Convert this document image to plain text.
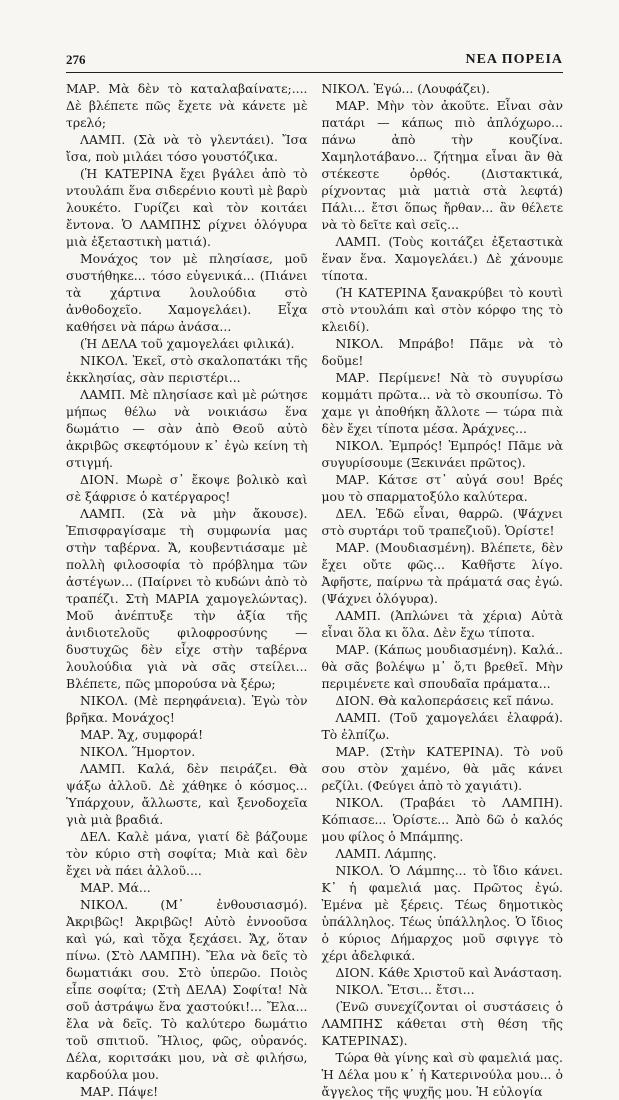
276	ΝΕΑ ΠΟΡΕΙΑ

ΜΑΡ. Μὰ δὲν τὸ καταλαβαίνατε;.... Δὲ βλέπετε πῶς ἔχετε νὰ κάνετε μὲ τρελό;

ΛΑΜΠ. (Σὰ νὰ τὸ γλεντάει). Ἴσα ἴσα, ποὺ μιλάει τόσο γουστόζικα.

(Ἡ ΚΑΤΕΡΙΝΑ ἔχει βγάλει ἀπὸ τὸ ντουλάπι ἕνα σιδερένιο κουτὶ μὲ βαρὺ λουκέτο. Γυρίζει καὶ τὸν κοιτάει ἔντονα. Ὁ ΛΑΜΠΗΣ ρίχνει ὁλόγυρα μιὰ ἐξεταστικὴ ματιά).

Μονάχος τον μὲ πλησίασε, μοῦ συστήθηκε... τόσο εὐγενικά... (Πιάνει τὰ χάρτινα λουλούδια στὸ ἀνθοδοχεῖο. Χαμογελάει). Εἶχα καθήσει νὰ πάρω ἀνάσα...

(Ἡ ΔΕΛΑ τοῦ χαμογελάει φιλικά).

ΝΙΚΟΛ. Ἐκεῖ, στὸ σκαλοπατάκι τῆς ἐκκλησίας, σὰν περιστέρι...

ΛΑΜΠ. Μὲ πλησίασε καὶ μὲ ρώτησε μήπως θέλω νὰ νοικιάσω ἕνα δωμάτιο — σὰν ἀπὸ Θεοῦ αὐτὸ ἀκριβῶς σκεφτόμουν κ᾽ ἐγὼ κείνη τὴ στιγμή.

ΔΙΟΝ. Μωρὲ σ᾽ ἔκοψε βολικὸ καὶ σὲ ξάφρισε ὁ κατέργαρος!

ΛΑΜΠ. (Σὰ νὰ μὴν ἄκουσε). Ἐπισφραγίσαμε τὴ συμφωνία μας στὴν ταβέρνα. Ἄ, κουβεντιάσαμε μὲ πολλὴ φιλοσοφία τὸ πρόβλημα τῶν ἀστέγων... (Παίρνει τὸ κυδώνι ἀπὸ τὸ τραπέζι. Στὴ ΜΑΡΙΑ χαμογελώντας). Μοῦ ἀνέπτυξε τὴν ἀξία τῆς ἀνιδιοτελοῦς φιλοφροσύνης — δυστυχῶς δὲν εἶχε στὴν ταβέρνα λουλούδια γιὰ νὰ σᾶς στείλει... Βλέπετε, πῶς μπορούσα νὰ ξέρω;

ΝΙΚΟΛ. (Μὲ περηφάνεια). Ἐγὼ τὸν βρῆκα. Μονάχος!

ΜΑΡ. Ἄχ, συμφορά!

ΝΙΚΟΛ. Ἥμορτον.

ΛΑΜΠ. Καλά, δὲν πειράζει. Θὰ ψάξω ἀλλοῦ. Δὲ χάθηκε ὁ κόσμος... Ὑπάρχουν, ἄλλωστε, καὶ ξενοδοχεῖα γιὰ μιὰ βραδιά.

ΔΕΛ. Καλὲ μάνα, γιατί δὲ βάζουμε τὸν κύριο στὴ σοφίτα; Μιὰ καὶ δὲν ἔχει νὰ πάει ἀλλοῦ....

ΜΑΡ. Μά...

ΝΙΚΟΛ. (Μ᾽ ἐνθουσιασμό). Ἀκριβῶς! Ἀκριβῶς! Αὐτὸ ἐννοοῦσα καὶ γώ, καὶ τὄχα ξεχάσει. Ἄχ, ὅταν πίνω. (Στὸ ΛΑΜΠΗ). Ἔλα νὰ δεῖς τὸ δωματιάκι σου. Στὸ ὑπερῶο. Ποιὸς εἶπε σοφίτα; (Στὴ ΔΕΛΑ) Σοφίτα! Νὰ σοῦ ἀστράψω ἕνα χαστούκι!... Ἔλα... ἔλα νὰ δεῖς. Τὸ καλύτερο δωμάτιο τοῦ σπιτιοῦ. Ἥλιος, φῶς, οὐρανός. Δέλα, κοριτσάκι μου, νὰ σὲ φιλήσω, καρδούλα μου.

ΜΑΡ. Πάψε!

ΝΙΚΟΛ. Ἐγώ... (Λουφάζει).

ΜΑΡ. Μὴν τὸν ἀκοῦτε. Εἶναι σὰν πατάρι — κάπως πιὸ ἀπλόχωρο... πάνω ἀπὸ τὴν κουζίνα. Χαμηλοτάβανο... ζήτημα εἶναι ἂν θὰ στέκεστε ὀρθός. (Διστακτικά, ρίχνοντας μιὰ ματιὰ στὰ λεφτά) Πάλι... ἔτσι ὅπως ἤρθαν... ἂν θέλετε νὰ τὸ δεῖτε καὶ σεῖς...

ΛΑΜΠ. (Τοὺς κοιτάζει ἐξεταστικὰ ἕναν ἕνα. Χαμογελάει.) Δὲ χάνουμε τίποτα.

(Ἡ ΚΑΤΕΡΙΝΑ ξανακρύβει τὸ κουτὶ στὸ ντουλάπι καὶ στὸν κόρφο της τὸ κλειδί).

ΝΙΚΟΛ. Μπράβο! Πᾶμε νὰ τὸ δοῦμε!

ΜΑΡ. Περίμενε! Νὰ τὸ συγυρίσω κομμάτι πρῶτα... νὰ τὸ σκουπίσω. Τὸ χαμε γι ἀποθήκη ἄλλοτε — τώρα πιὰ δὲν ἔχει τίποτα μέσα. Ἀράχνες...

ΝΙΚΟΛ. Ἐμπρός! Ἐμπρός! Πᾶμε νὰ συγυρίσουμε (Ξεκινάει πρῶτος).

ΜΑΡ. Κάτσε στ᾽ αὐγά σου! Βρές μου τὸ σπαρματοξύλο καλύτερα.

ΔΕΛ. Ἐδῶ εἶναι, θαρρῶ. (Ψάχνει στὸ συρτάρι τοῦ τραπεζιοῦ). Ὁρίστε!

ΜΑΡ. (Μουδιασμένη). Βλέπετε, δὲν ἔχει οὔτε φῶς... Καθῆστε λίγο. Ἀφῆστε, παίρνω τὰ πράματά σας ἐγώ. (Ψάχνει ὁλόγυρα).

ΛΑΜΠ. (Ἁπλώνει τὰ χέρια) Αὐτὰ εἶναι ὅλα κι ὅλα. Δὲν ἔχω τίποτα.

ΜΑΡ. (Κάπως μουδιασμένη). Καλά.. θὰ σᾶς βολέψω μ᾽ ὅ,τι βρεθεῖ. Μὴν περιμένετε καὶ σπουδαῖα πράματα...

ΔΙΟΝ. Θὰ καλοπεράσεις κεῖ πάνω.

ΛΑΜΠ. (Τοῦ χαμογελάει ἐλαφρά). Τὸ ἐλπίζω.

ΜΑΡ. (Στὴν ΚΑΤΕΡΙΝΑ). Τὸ νοῦ σου στὸν χαμένο, θὰ μᾶς κάνει ρεζίλι. (Φεύγει ἀπὸ τὸ χαγιάτι).

ΝΙΚΟΛ. (Τραβάει τὸ ΛΑΜΠΗ). Κόπιασε... Ὁρίστε... Ἀπὸ δῶ ὁ καλός μου φίλος ὁ Μπάμπης.

ΛΑΜΠ. Λάμπης.

ΝΙΚΟΛ. Ὁ Λάμπης... τὸ ἴδιο κάνει. Κ᾽ ἡ φαμελιά μας. Πρῶτος ἐγώ. Ἐμένα μὲ ξέρεις. Τέως δημοτικὸς ὑπάλληλος. Τέως ὑπάλληλος. Ὁ ἴδιος ὁ κύριος Δήμαρχος μοῦ σφιγγε τὸ χέρι ἀδελφικά.

ΔΙΟΝ. Κάθε Χριστοῦ καὶ Ἀνάσταση.

ΝΙΚΟΛ. Ἔτσι... ἔτσι...

(Ἐνῶ συνεχίζονται οἱ συστάσεις ὁ ΛΑΜΠΗΣ κάθεται στὴ θέση τῆς ΚΑΤΕΡΙΝΑΣ).

Τώρα θὰ γίνης καὶ σὺ φαμελιά μας. Ἡ Δέλα μου κ᾽ ἡ Κατερινούλα μου... ὁ ἄγγελος τῆς ψυχῆς μου. Ἡ εὐλογία
